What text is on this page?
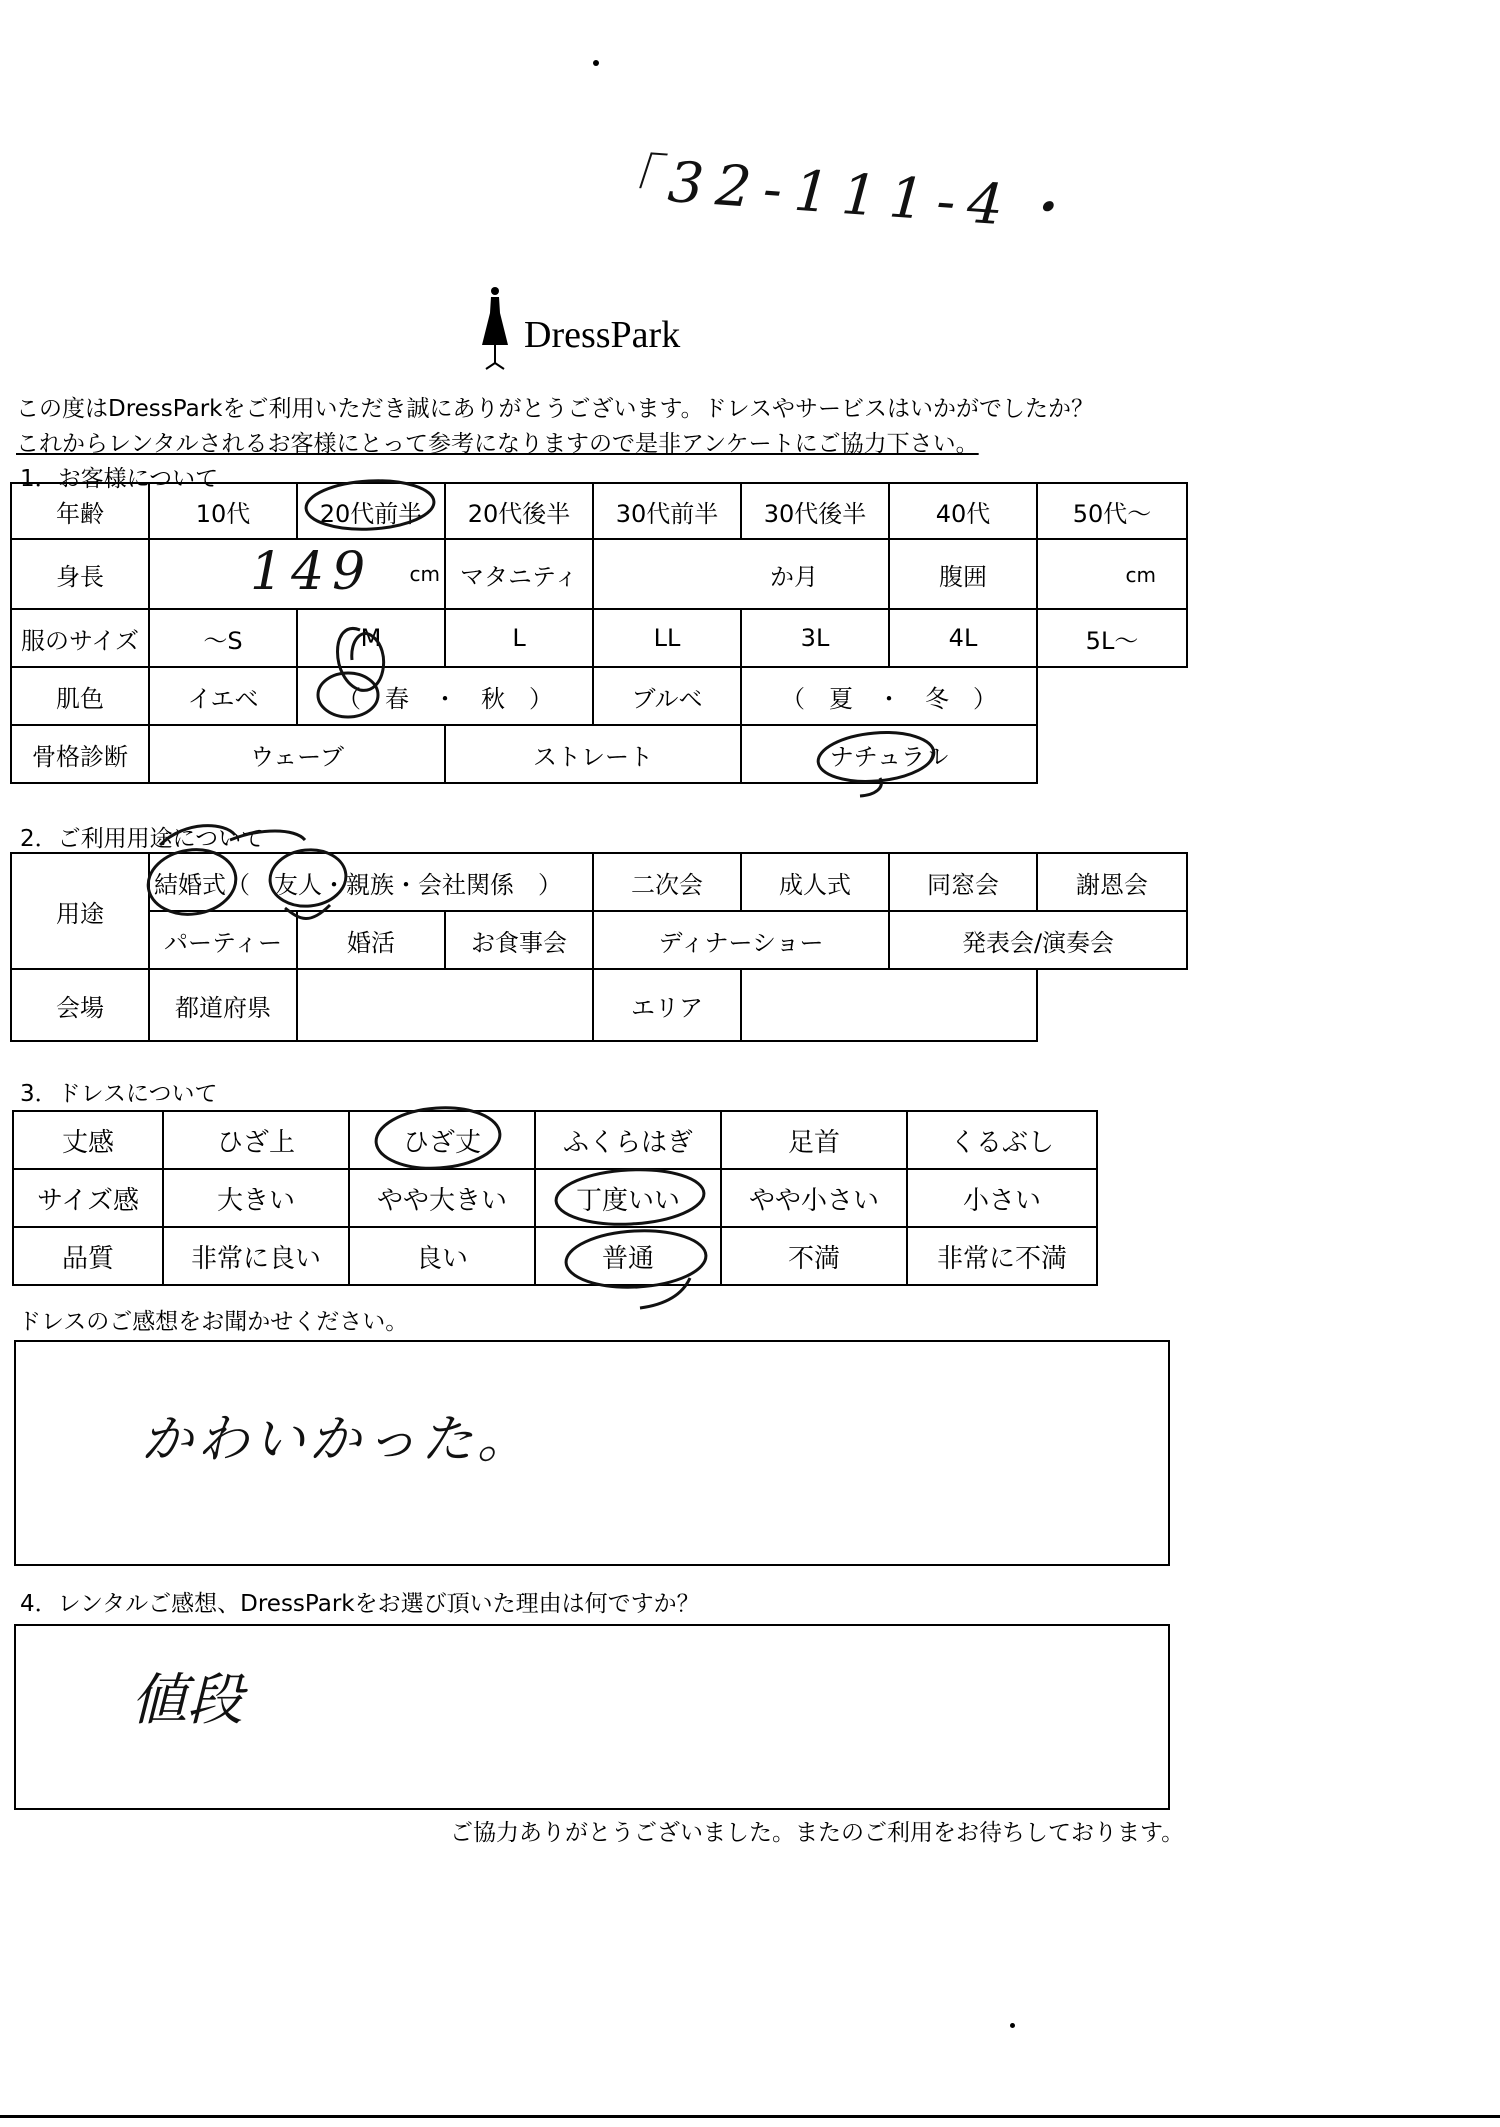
「32-111-4・
DressPark
この度はDressParkをご利用いただき誠にありがとうございます。ドレスやサービスはいかがでしたか？
これからレンタルされるお客様にとって参考になりますので是非アンケートにご協力下さい。
1．お客様について
年齢	10代	20代前半	20代後半	30代前半	30代後半	40代	50代～
身長	149 cm		マタニティ	か月		腹囲	cm
服のサイズ	～S	M	L	LL	3L	4L	5L～
肌色	イエベ	（　春　・　秋　）		ブルベ	（　夏　・　冬　）		
骨格診断	ウェーブ		ストレート		ナチュラル		
2．ご利用用途について
用途	結婚式（　友人・親族・会社関係　）			二次会	成人式	同窓会	謝恩会
	パーティー	婚活	お食事会	ディナーショー		発表会/演奏会	
会場	都道府県			エリア			
3．ドレスについて
丈感	ひざ上	ひざ丈	ふくらはぎ	足首	くるぶし
サイズ感	大きい	やや大きい	丁度いい	やや小さい	小さい
品質	非常に良い	良い	普通	不満	非常に不満
ドレスのご感想をお聞かせください。
かわいかった。
4．レンタルご感想、DressParkをお選び頂いた理由は何ですか？
値段
ご協力ありがとうございました。またのご利用をお待ちしております。
